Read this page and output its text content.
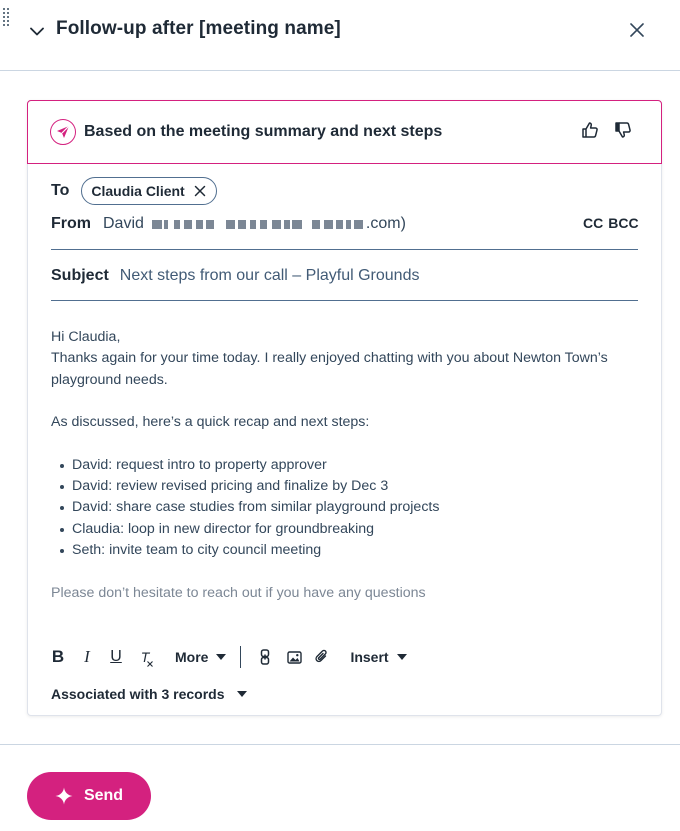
Follow-up after [meeting name]
Based on the meeting summary and next steps
To Claudia Client
From David	.com)	CC BCC
Subject Next steps from our call – Playful Grounds

Hi Claudia,

Thanks again for your time today. I really enjoyed chatting with you about Newton Town’s playground needs.

As discussed, here’s a quick recap and next steps:

David: request intro to property approver
David: review revised pricing and finalize by Dec 3
David: share case studies from similar playground projects
Claudia: loop in new director for groundbreaking
Seth: invite team to city council meeting

Please don’t hesitate to reach out if you have any questions

B I U T More	Insert
Associated with 3 records
Send
